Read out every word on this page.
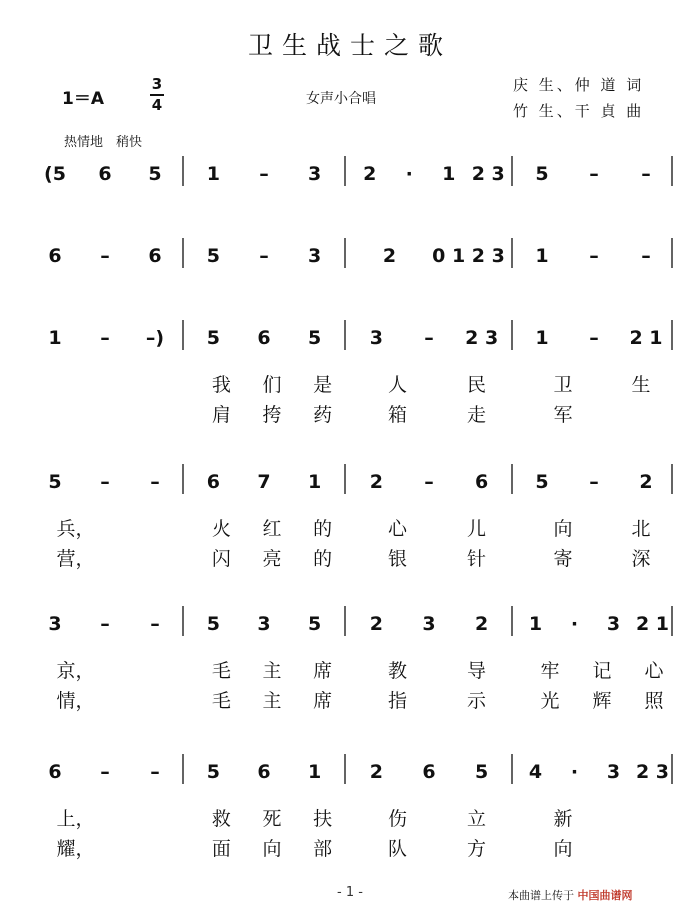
卫生战士之歌
1＝A
3
4	女声小合唱
庆 生、仲 道 词
竹 生、干 貞 曲
热情地　稍快
(5 6 5 1 – 3 2 · 1 2 3 5 – –
6 – 6 5 – 3	2 0 1 2 3 1 – –
1 – –) 5 6 5	3 – 2 3 1 – 2 1
我 们 是	人	民	卫	生
肩 挎 药	箱	走	军
5 – – 6 7 1	2 – 6 5 – 2
兵，	火 红 的	心	儿	向	北
营，	闪 亮 的	银	针	寄	深
3 – – 5 3 5	2 3 2 1 · 3 2 1
京，	毛 主 席	教	导	牢 记 心
情，	毛 主 席	指	示	光 辉 照
6 – – 5 6 1	2 6 5 4 · 3 2 3
上，	救 死 扶	伤	立	新
耀，	面 向 部	队	方	向
- 1 -	本曲谱上传于 中国曲谱网
